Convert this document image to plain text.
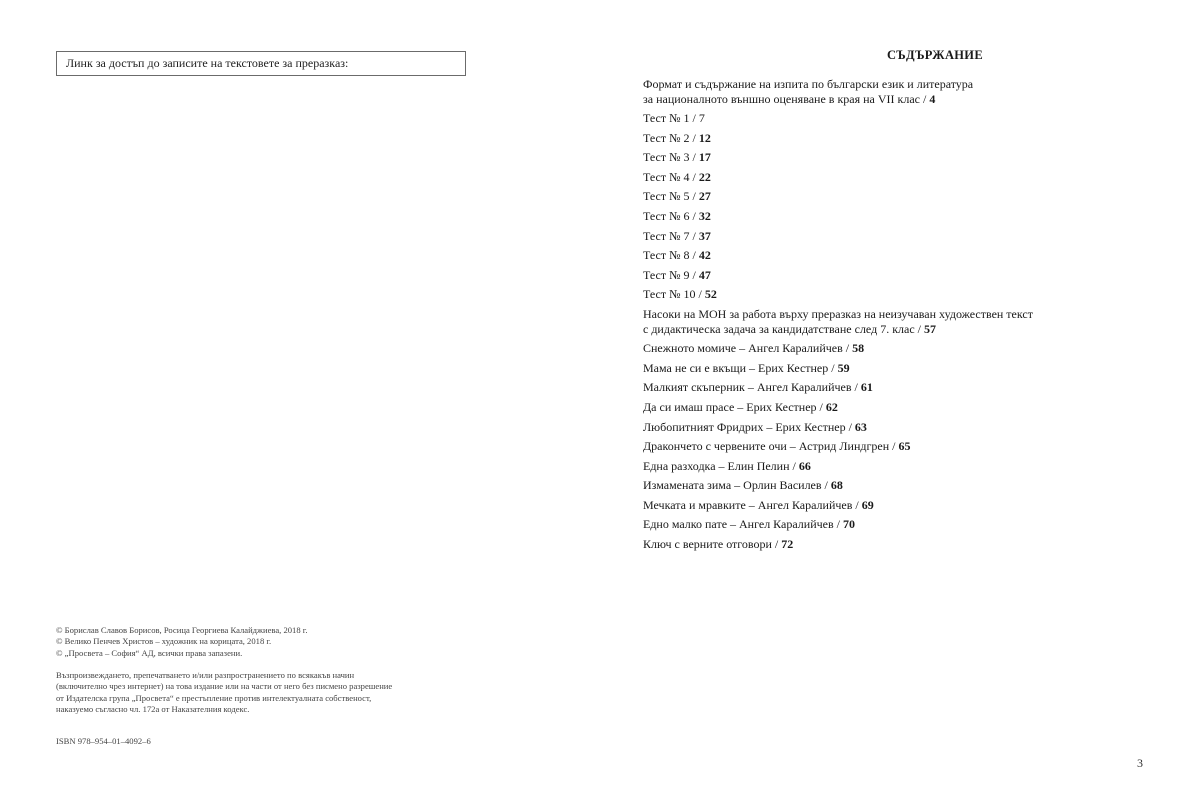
Линк за достъп до записите на текстовете за преразказ:
© Борислав Славов Борисов, Росица Георгиева Калайджиева, 2018 г.
© Велико Пенчев Христов – художник на корицата, 2018 г.
© „Просвета – София“ АД, всички права запазени.
Възпроизвеждането, препечатването и/или разпространението по всякакъв начин
(включително чрез интернет) на това издание или на части от него без писмено разрешение
от Издателска група „Просвета“ е престъпление против интелектуалната собственост,
наказуемо съгласно чл. 172а от Наказателния кодекс.
ISBN 978–954–01–4092–6
СЪДЪРЖАНИЕ
Формат и съдържание на изпита по български език и литература
за националното външно оценяване в края на VII клас / 4
Тест № 1 / 7
Тест № 2 / 12
Тест № 3 / 17
Тест № 4 / 22
Тест № 5 / 27
Тест № 6 / 32
Тест № 7 / 37
Тест № 8 / 42
Тест № 9 / 47
Тест № 10 / 52
Насоки на МОН за работа върху преразказ на неизучаван художествен текст
с дидактическа задача за кандидатстване след 7. клас / 57
Снежното момиче – Ангел Каралийчев / 58
Мама не си е вкъщи – Ерих Кестнер / 59
Малкият скъперник – Ангел Каралийчев / 61
Да си имаш прасе – Ерих Кестнер / 62
Любопитният Фридрих – Ерих Кестнер / 63
Дракончето с червените очи – Астрид Линдгрен / 65
Една разходка – Елин Пелин / 66
Измамената зима – Орлин Василев / 68
Мечката и мравките – Ангел Каралийчев / 69
Едно малко пате – Ангел Каралийчев / 70
Ключ с верните отговори / 72
3
